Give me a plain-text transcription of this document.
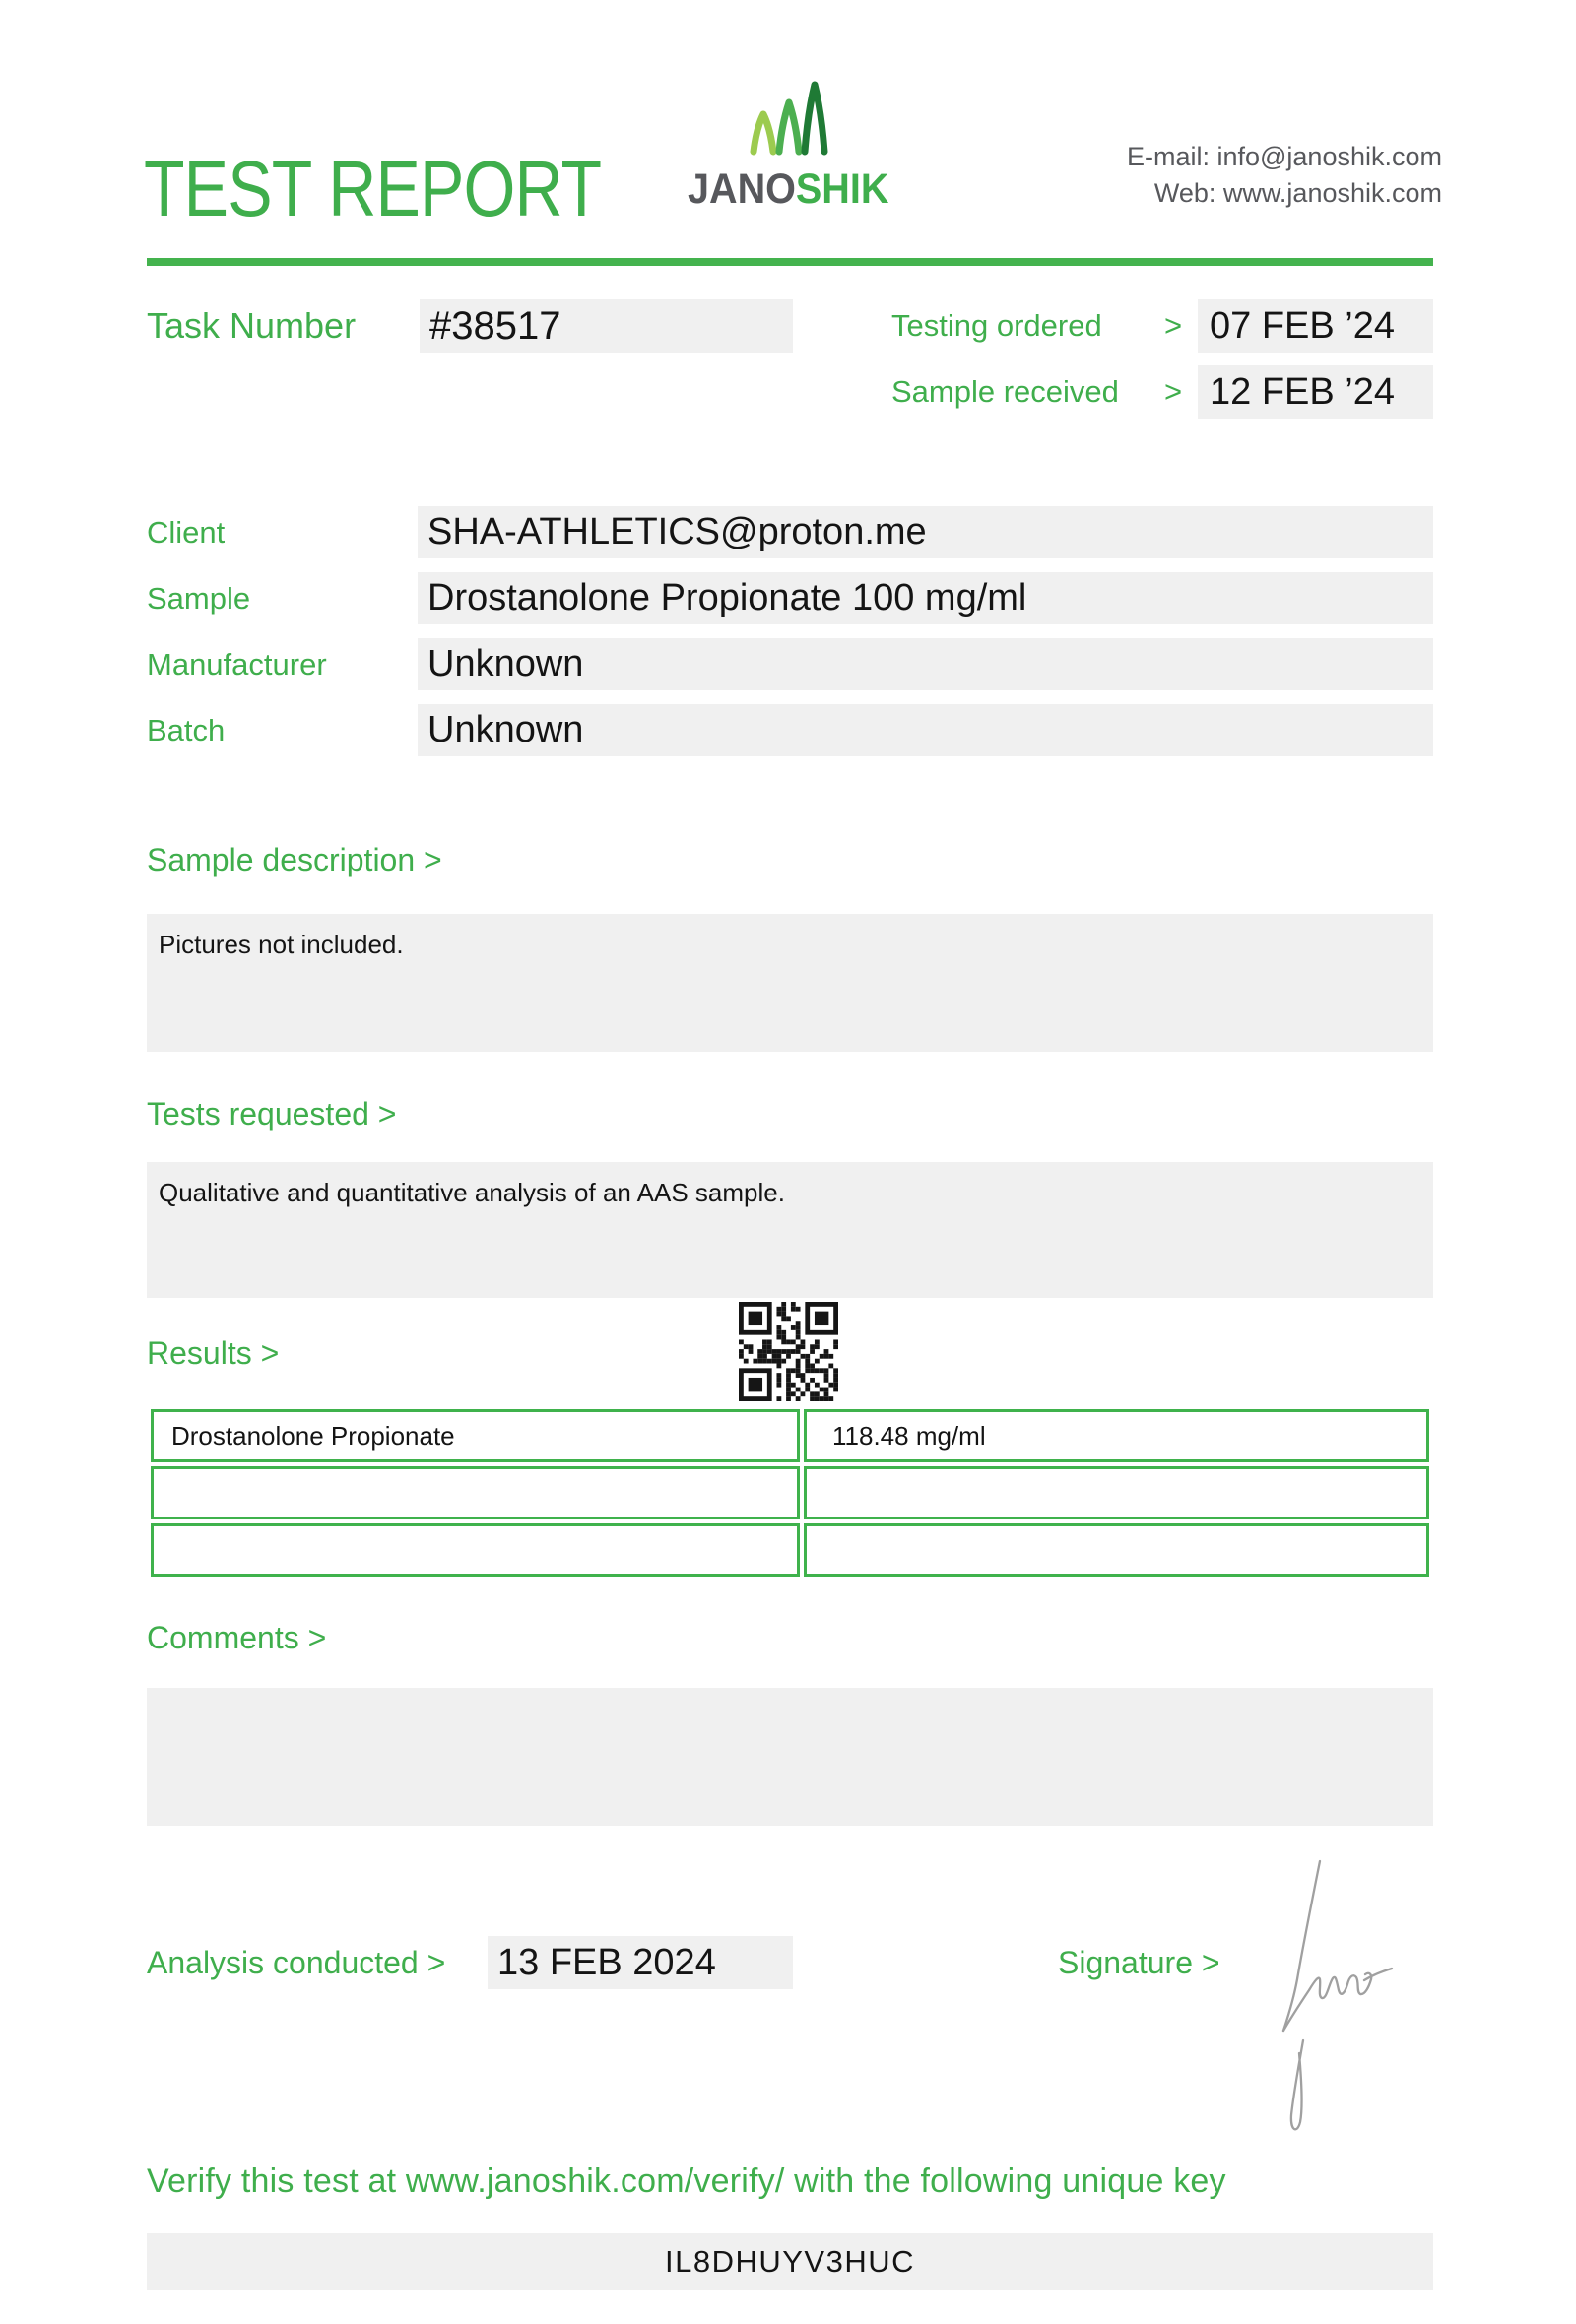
TEST REPORT JANOSHIK
E-mail: info@janoshik.com
Web: www.janoshik.com
Task Number #38517	Testing ordered	> 07 FEB ’24
Sample received	> 12 FEB ’24
Client	SHA-ATHLETICS@proton.me
Sample	Drostanolone Propionate 100 mg/ml
Manufacturer	Unknown
Batch	Unknown
Sample description >
Pictures not included.
Tests requested >
Qualitative and quantitative analysis of an AAS sample.
Results >
Drostanolone Propionate	118.48 mg/ml

Comments >
Analysis conducted > 13 FEB 2024	Signature >
Verify this test at www.janoshik.com/verify/ with the following unique key
IL8DHUYV3HUC
